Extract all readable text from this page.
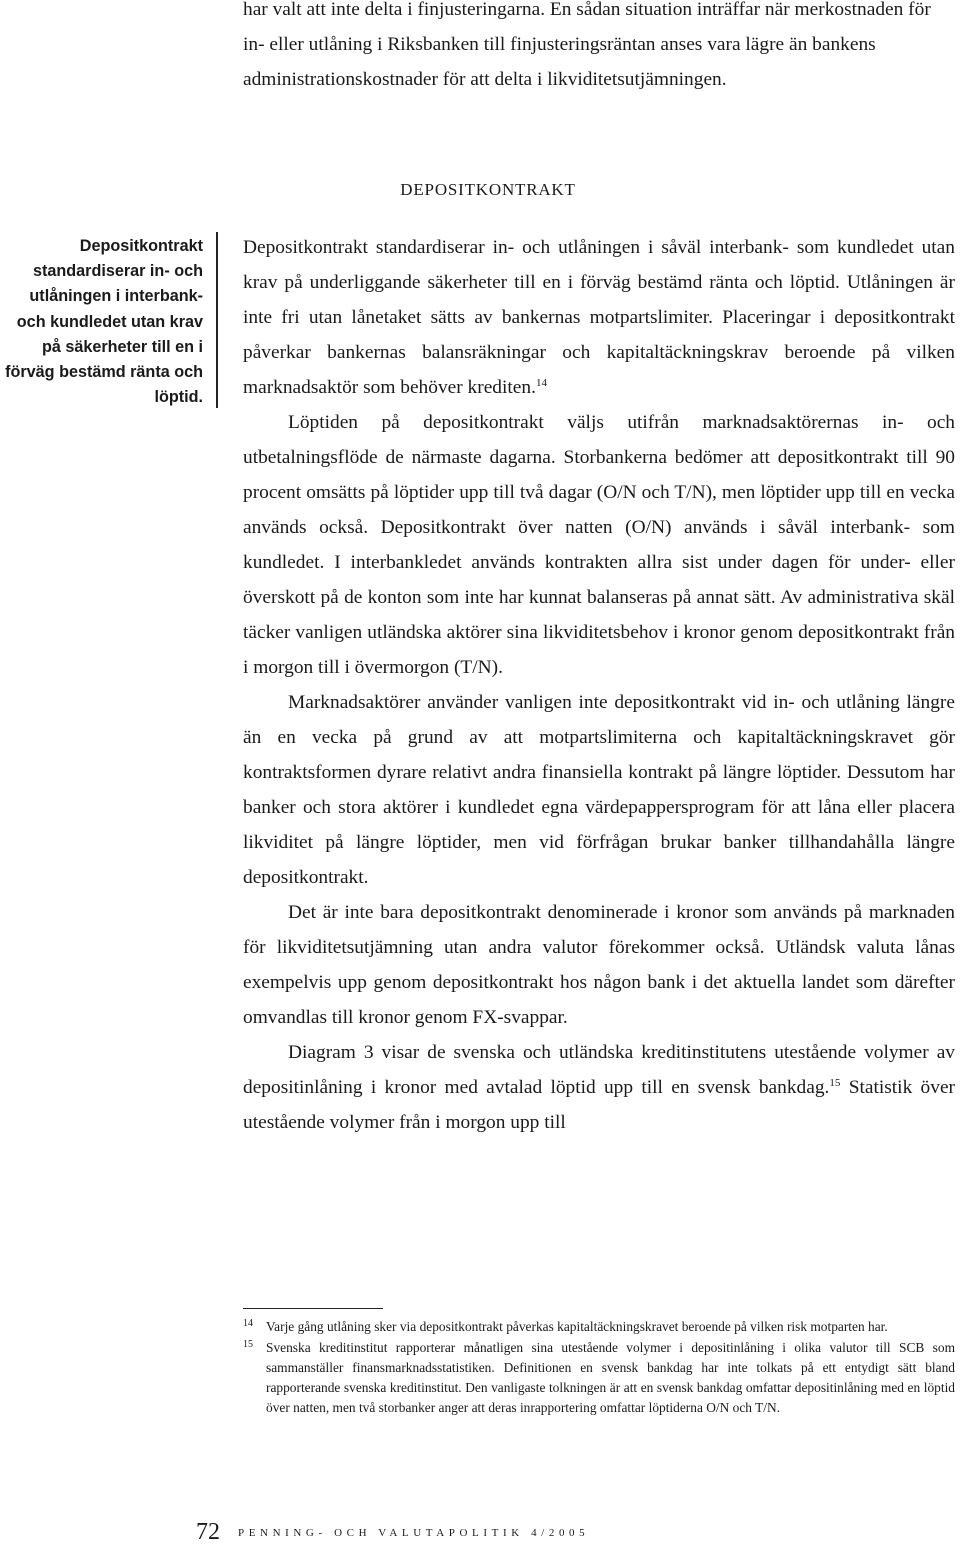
har valt att inte delta i finjusteringarna. En sådan situation inträffar när merkostnaden för in- eller utlåning i Riksbanken till finjusteringsräntan anses vara lägre än bankens administrationskostnader för att delta i likviditetsutjämningen.

DEPOSITKONTRAKT

Depositkontrakt standardiserar in- och utlåningen i interbank- och kundledet utan krav på säkerheter till en i förväg bestämd ränta och löptid.

Depositkontrakt standardiserar in- och utlåningen i såväl interbank- som kundledet utan krav på underliggande säkerheter till en i förväg bestämd ränta och löptid. Utlåningen är inte fri utan lånetaket sätts av bankernas motpartslimiter. Placeringar i depositkontrakt påverkar bankernas balansräkningar och kapitaltäckningskrav beroende på vilken marknadsaktör som behöver krediten.$^{14}$

Löptiden på depositkontrakt väljs utifrån marknadsaktörernas in- och utbetalningsflöde de närmaste dagarna. Storbankerna bedömer att depositkontrakt till 90 procent omsätts på löptider upp till två dagar (O/N och T/N), men löptider upp till en vecka används också. Depositkontrakt över natten (O/N) används i såväl interbank- som kundledet. I interbankledet används kontrakten allra sist under dagen för under- eller överskott på de konton som inte har kunnat balanseras på annat sätt. Av administrativa skäl täcker vanligen utländska aktörer sina likviditetsbehov i kronor genom depositkontrakt från i morgon till i övermorgon (T/N).

Marknadsaktörer använder vanligen inte depositkontrakt vid in- och utlåning längre än en vecka på grund av att motpartslimiterna och kapitaltäckningskravet gör kontraktsformen dyrare relativt andra finansiella kontrakt på längre löptider. Dessutom har banker och stora aktörer i kundledet egna värdepappersprogram för att låna eller placera likviditet på längre löptider, men vid förfrågan brukar banker tillhandahålla längre depositkontrakt.

Det är inte bara depositkontrakt denominerade i kronor som används på marknaden för likviditetsutjämning utan andra valutor förekommer också. Utländsk valuta lånas exempelvis upp genom depositkontrakt hos någon bank i det aktuella landet som därefter omvandlas till kronor genom FX-svappar.

Diagram 3 visar de svenska och utländska kreditinstitutens utestående volymer av depositinlåning i kronor med avtalad löptid upp till en svensk bankdag.$^{15}$ Statistik över utestående volymer från i morgon upp till

14 Varje gång utlåning sker via depositkontrakt påverkas kapitaltäckningskravet beroende på vilken risk motparten har.
15 Svenska kreditinstitut rapporterar månatligen sina utestående volymer i depositinlåning i olika valutor till SCB som sammanställer finansmarknadsstatistiken. Definitionen en svensk bankdag har inte tolkats på ett entydigt sätt bland rapporterande svenska kreditinstitut. Den vanligaste tolkningen är att en svensk bankdag omfattar depositinlåning med en löptid över natten, men två storbanker anger att deras inrapportering omfattar löptiderna O/N och T/N.
72 PENNING- OCH VALUTAPOLITIK 4/2005
